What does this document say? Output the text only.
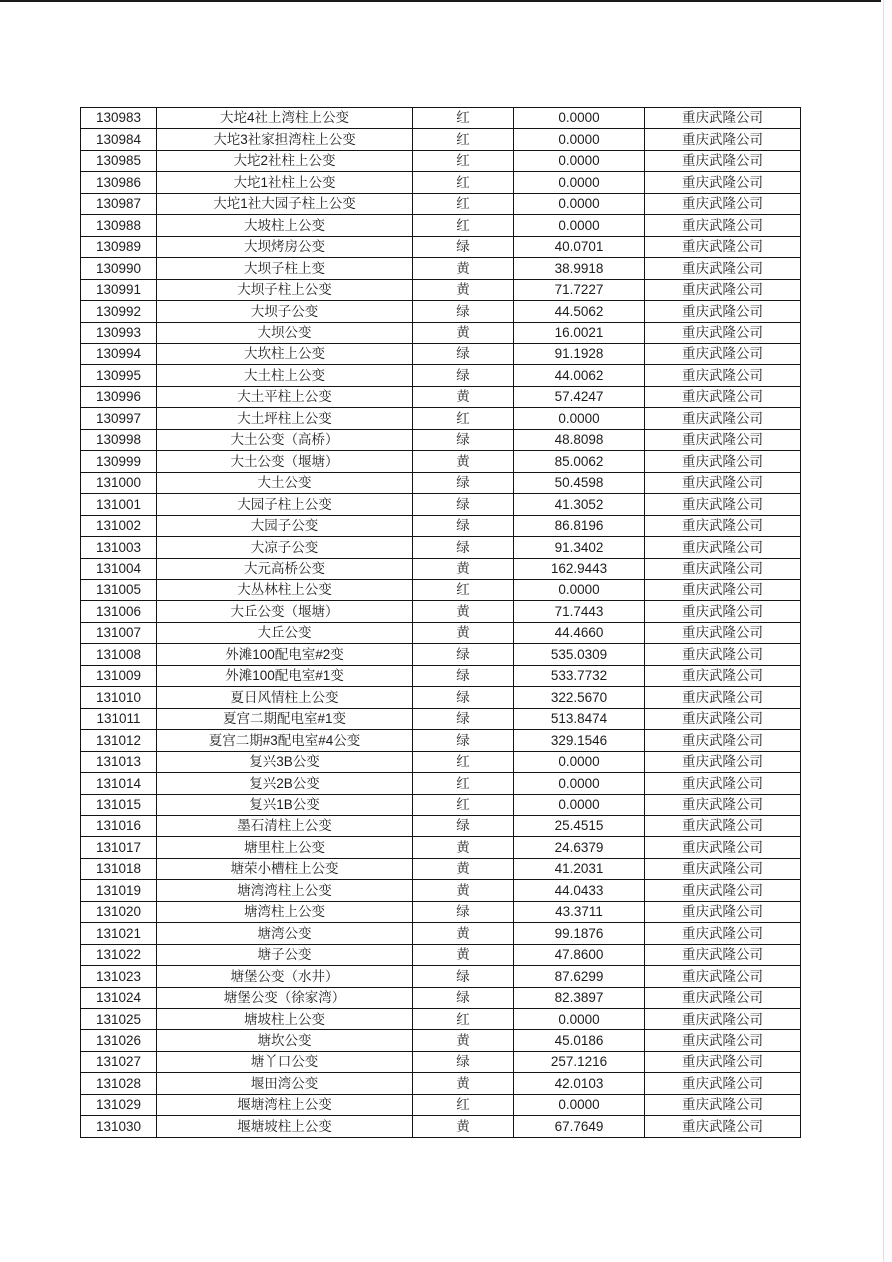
130983	大坨4社上湾柱上公变	红	0.0000	重庆武隆公司
130984	大坨3社家担湾柱上公变	红	0.0000	重庆武隆公司
130985	大坨2社柱上公变	红	0.0000	重庆武隆公司
130986	大坨1社柱上公变	红	0.0000	重庆武隆公司
130987	大坨1社大园子柱上公变	红	0.0000	重庆武隆公司
130988	大坡柱上公变	红	0.0000	重庆武隆公司
130989	大坝烤房公变	绿	40.0701	重庆武隆公司
130990	大坝子柱上变	黄	38.9918	重庆武隆公司
130991	大坝子柱上公变	黄	71.7227	重庆武隆公司
130992	大坝子公变	绿	44.5062	重庆武隆公司
130993	大坝公变	黄	16.0021	重庆武隆公司
130994	大坎柱上公变	绿	91.1928	重庆武隆公司
130995	大土柱上公变	绿	44.0062	重庆武隆公司
130996	大土平柱上公变	黄	57.4247	重庆武隆公司
130997	大土坪柱上公变	红	0.0000	重庆武隆公司
130998	大土公变（高桥）	绿	48.8098	重庆武隆公司
130999	大土公变（堰塘）	黄	85.0062	重庆武隆公司
131000	大土公变	绿	50.4598	重庆武隆公司
131001	大园子柱上公变	绿	41.3052	重庆武隆公司
131002	大园子公变	绿	86.8196	重庆武隆公司
131003	大凉子公变	绿	91.3402	重庆武隆公司
131004	大元高桥公变	黄	162.9443	重庆武隆公司
131005	大丛林柱上公变	红	0.0000	重庆武隆公司
131006	大丘公变（堰塘）	黄	71.7443	重庆武隆公司
131007	大丘公变	黄	44.4660	重庆武隆公司
131008	外滩100配电室#2变	绿	535.0309	重庆武隆公司
131009	外滩100配电室#1变	绿	533.7732	重庆武隆公司
131010	夏日风情柱上公变	绿	322.5670	重庆武隆公司
131011	夏宫二期配电室#1变	绿	513.8474	重庆武隆公司
131012	夏宫二期#3配电室#4公变	绿	329.1546	重庆武隆公司
131013	复兴3B公变	红	0.0000	重庆武隆公司
131014	复兴2B公变	红	0.0000	重庆武隆公司
131015	复兴1B公变	红	0.0000	重庆武隆公司
131016	墨石清柱上公变	绿	25.4515	重庆武隆公司
131017	塘里柱上公变	黄	24.6379	重庆武隆公司
131018	塘荣小槽柱上公变	黄	41.2031	重庆武隆公司
131019	塘湾湾柱上公变	黄	44.0433	重庆武隆公司
131020	塘湾柱上公变	绿	43.3711	重庆武隆公司
131021	塘湾公变	黄	99.1876	重庆武隆公司
131022	塘子公变	黄	47.8600	重庆武隆公司
131023	塘堡公变（水井）	绿	87.6299	重庆武隆公司
131024	塘堡公变（徐家湾）	绿	82.3897	重庆武隆公司
131025	塘坡柱上公变	红	0.0000	重庆武隆公司
131026	塘坎公变	黄	45.0186	重庆武隆公司
131027	塘丫口公变	绿	257.1216	重庆武隆公司
131028	堰田湾公变	黄	42.0103	重庆武隆公司
131029	堰塘湾柱上公变	红	0.0000	重庆武隆公司
131030	堰塘坡柱上公变	黄	67.7649	重庆武隆公司
